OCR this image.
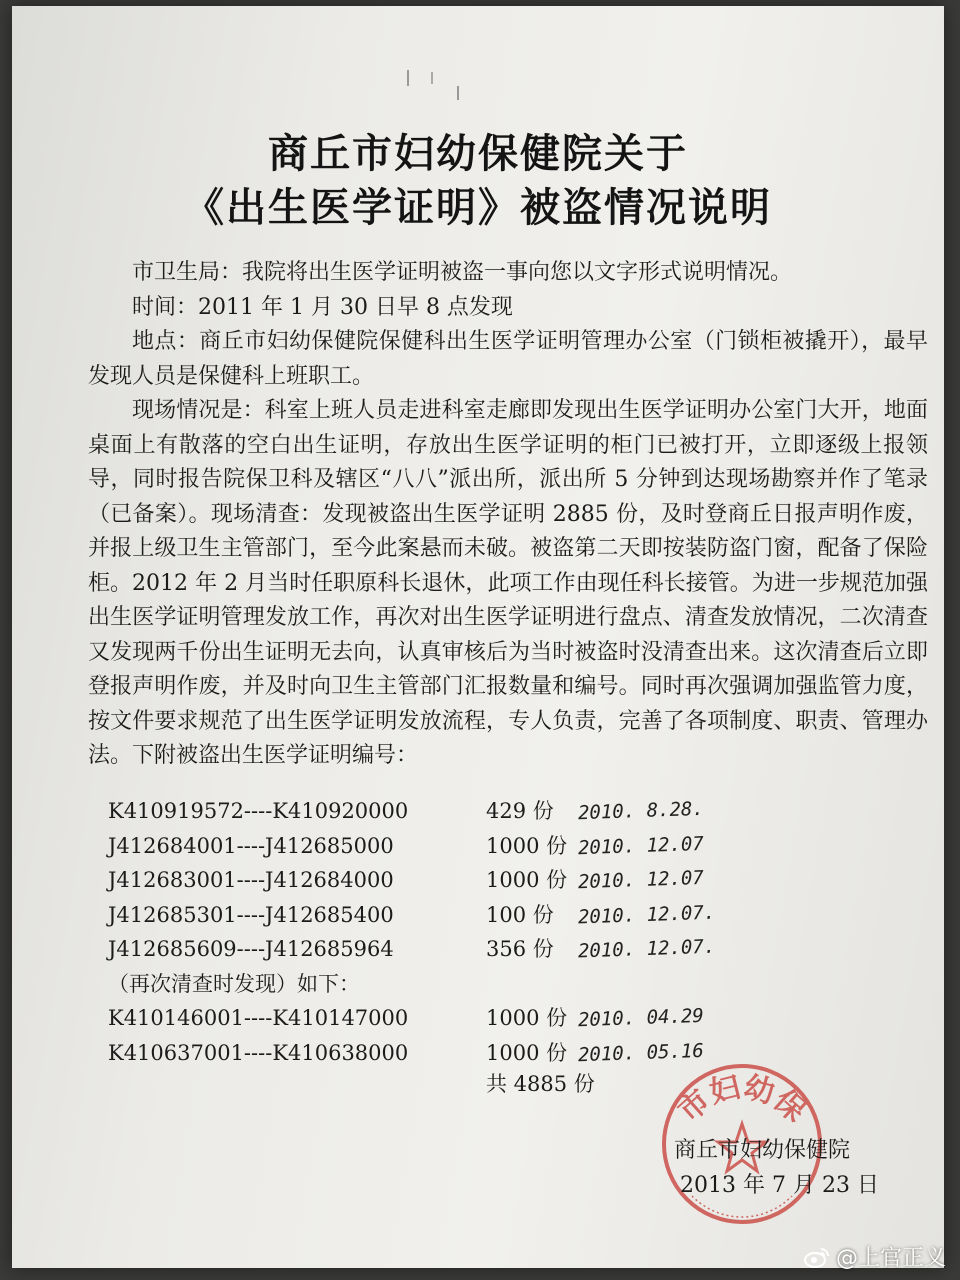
商丘市妇幼保健院关于
《出生医学证明》被盗情况说明

市卫生局：我院将出生医学证明被盗一事向您以文字形式说明情况。

时间：2011 年 1 月 30 日早 8 点发现

地点：商丘市妇幼保健院保健科出生医学证明管理办公室（门锁柜被撬开），最早发现人员是保健科上班职工。

现场情况是：科室上班人员走进科室走廊即发现出生医学证明办公室门大开，地面桌面上有散落的空白出生证明，存放出生医学证明的柜门已被打开，立即逐级上报领导，同时报告院保卫科及辖区“八八”派出所，派出所 5 分钟到达现场勘察并作了笔录（已备案）。现场清查：发现被盗出生医学证明 2885 份，及时登商丘日报声明作废，并报上级卫生主管部门，至今此案悬而未破。被盗第二天即按装防盗门窗，配备了保险柜。2012 年 2 月当时任职原科长退休，此项工作由现任科长接管。为进一步规范加强出生医学证明管理发放工作，再次对出生医学证明进行盘点、清查发放情况，二次清查又发现两千份出生证明无去向，认真审核后为当时被盗时没清查出来。这次清查后立即登报声明作废，并及时向卫生主管部门汇报数量和编号。同时再次强调加强监管力度，按文件要求规范了出生医学证明发放流程，专人负责，完善了各项制度、职责、管理办法。下附被盗出生医学证明编号：

K410919572----K410920000	429 份 2010. 8.28.
J412684001----J412685000	1000 份 2010. 12.07
J412683001----J412684000	1000 份 2010. 12.07
J412685301----J412685400	100 份 2010. 12.07.
J412685609----J412685964	356 份 2010. 12.07.
（再次清查时发现）如下：
K410146001----K410147000	1000 份 2010. 04.29
K410637001----K410638000	1000 份 2010. 05.16
共 4885 份	市妇幼保
商丘市妇幼保健院
2013 年 7 月 23 日
@上官正义
